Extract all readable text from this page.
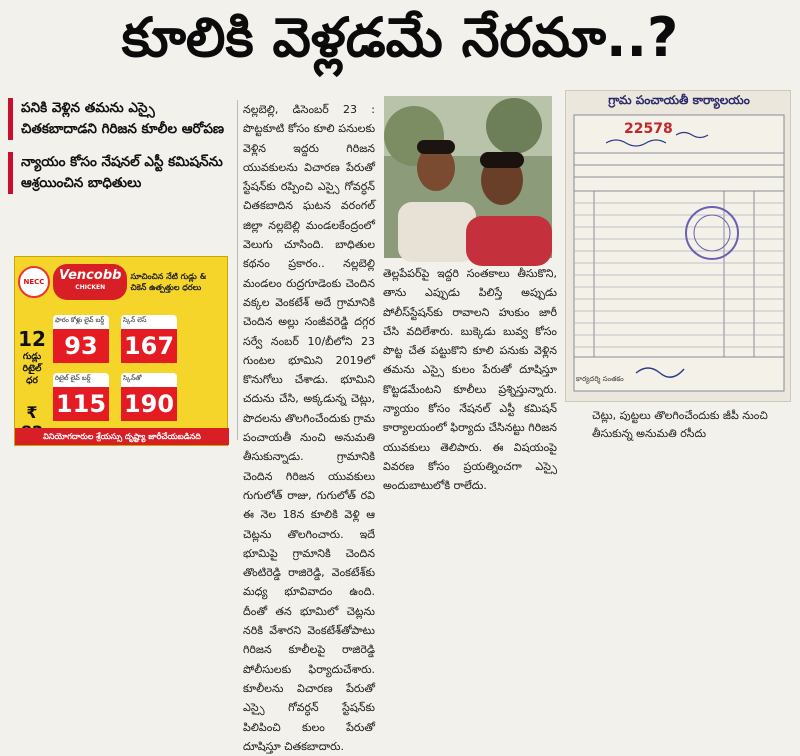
కూలికి వెళ్లడమే నేరమా..?
పనికి వెళ్లిన తమను ఎస్సై చితకబాదాడని గిరిజన కూలీల ఆరోపణ
న్యాయం కోసం నేషనల్‌ ఎస్టీ కమిషన్‌ను ఆశ్రయించిన బాధితులు
NECC	Vencobb
CHICKEN
సూచించిన నేటి గుడ్లు & చికెన్ ఉత్పత్తుల ధరలు
12
గుడ్లు రిటైల్ ధర
₹
ఫారం కోళ్లు లైవ్ బర్డ్
93
స్కిన్ లెస్
167
రిటైల్ లైవ్ బర్డ్
115
స్కిన్‌తో
190
వినియోగదారుల శ్రేయస్సు దృష్ట్యా జారీచేయబడినది
నల్లబెల్లి, డిసెంబర్ 23 : పొట్టకూటి కోసం కూలి పనులకు వెళ్లిన ఇద్దరు గిరిజన యువకులను విచారణ పేరుతో స్టేషన్‌కు రప్పించి ఎస్సై గోవర్ధన్ చితకబాదిన ఘటన వరంగల్ జిల్లా నల్లబెల్లి మండలకేంద్రంలో వెలుగు చూసింది. బాధితుల కథనం ప్రకారం.. నల్లబెల్లి మండలం రుద్రగూడెంకు చెందిన వక్కల వెంకటేశ్ అదే గ్రామానికి చెందిన అల్లు సంజీవరెడ్డి దగ్గర సర్వే నంబర్ 10/బీలోని 23 గుంటల భూమిని 2019లో కొనుగోలు చేశాడు. భూమిని చదును చేసి, అక్కడున్న చెట్లు, పొదలను తొలగించేందుకు గ్రామ పంచాయతీ నుంచి అనుమతి తీసుకున్నాడు. గ్రామానికి చెందిన గిరిజన యువకులు గుగులోత్ రాజు, గుగులోత్ రవి ఈ నెల 18న కూలికి వెళ్లి ఆ చెట్లను తొలగించారు. ఇదే భూమిపై గ్రామానికి చెందిన తొంటిరెడ్డి రాజిరెడ్డి, వెంకటేశ్‌కు మధ్య భూవివాదం ఉంది. దీంతో తన భూమిలో చెట్లను నరికి వేశారని వెంకటేశ్‌తోపాటు గిరిజన కూలీలపై రాజిరెడ్డి పోలీసులకు ఫిర్యాదుచేశారు. కూలీలను విచారణ పేరుతో ఎస్సై గోవర్ధన్ స్టేషన్‌కు పిలిపించి కులం పేరుతో దూషిస్తూ చితకబాదారు.
తెల్లపేపర్‌పై ఇద్దరి సంతకాలు తీసుకొని, తాను ఎప్పుడు పిలిస్తే అప్పుడు పోలీస్‌స్టేషన్‌కు రావాలని హుకుం జారీ చేసి వదిలేశారు. బుక్కెడు బువ్వ కోసం పొట్ట చేత పట్టుకొని కూలి పనుకు వెళ్లిన తమను ఎస్సై కులం పేరుతో దూషిస్తూ కొట్టడమేంటని కూలీలు ప్రశ్నిస్తున్నారు. న్యాయం కోసం నేషనల్ ఎస్టీ కమిషన్ కార్యాలయంలో ఫిర్యాదు చేసినట్టు గిరిజన యువకులు తెలిపారు. ఈ విషయంపై వివరణ కోసం ప్రయత్నించగా ఎస్సై అందుబాటులోకి రాలేదు.
గ్రామ పంచాయతీ కార్యాలయం
22578
కార్యదర్శి సంతకం
చెట్లు, పుట్టలు తొలగించేందుకు జీపీ నుంచి తీసుకున్న అనుమతి రసీదు
